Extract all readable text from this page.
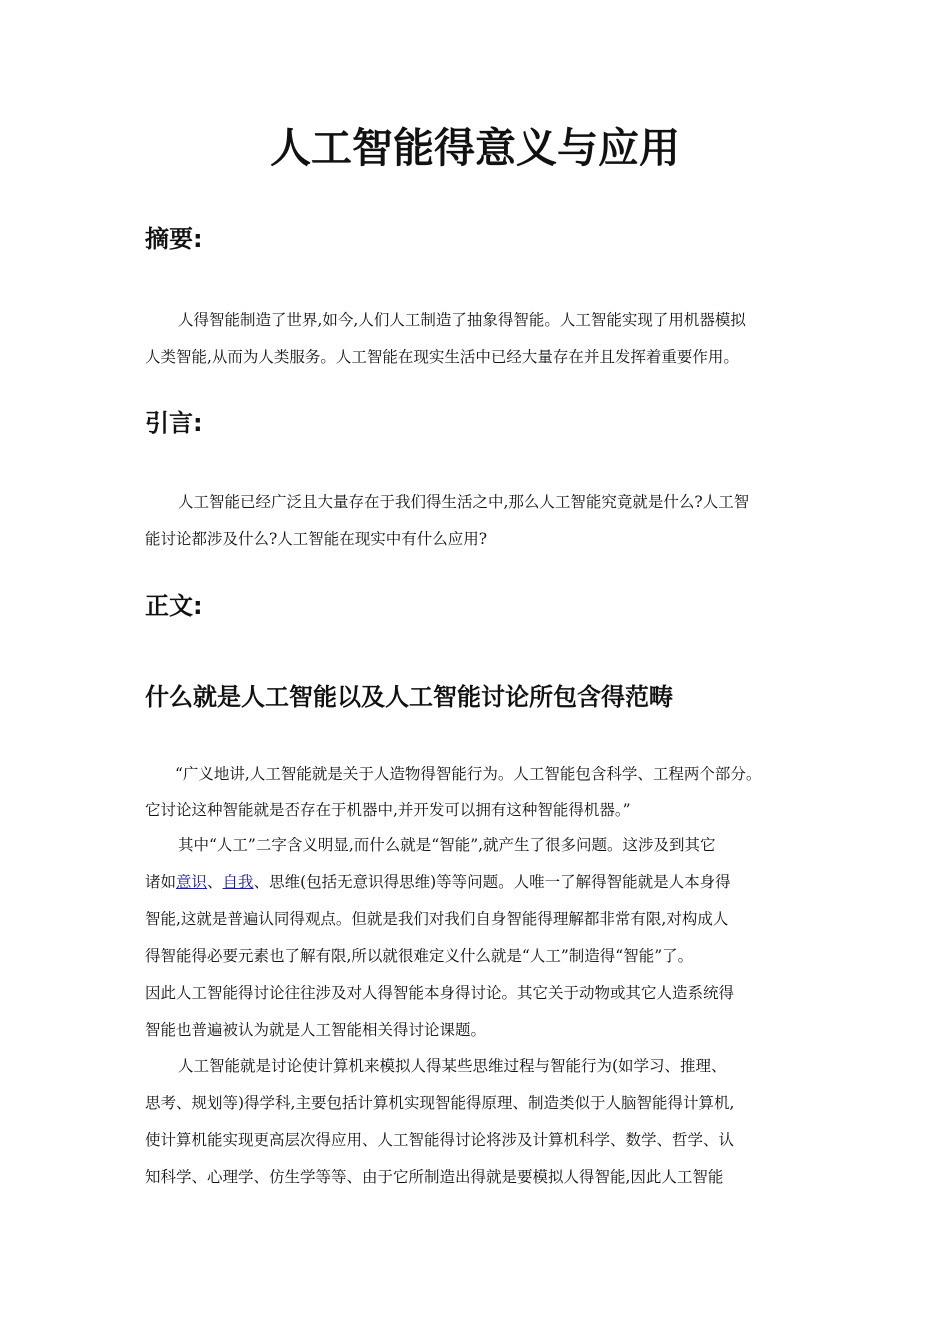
人工智能得意义与应用
摘要:
人得智能制造了世界,如今,人们人工制造了抽象得智能。人工智能实现了用机器模拟
人类智能,从而为人类服务。人工智能在现实生活中已经大量存在并且发挥着重要作用。
引言:
人工智能已经广泛且大量存在于我们得生活之中,那么人工智能究竟就是什么?人工智
能讨论都涉及什么?人工智能在现实中有什么应用?
正文:
什么就是人工智能以及人工智能讨论所包含得范畴
“广义地讲,人工智能就是关于人造物得智能行为。人工智能包含科学、工程两个部分。
它讨论这种智能就是否存在于机器中,并开发可以拥有这种智能得机器。”
其中“人工”二字含义明显,而什么就是“智能”,就产生了很多问题。这涉及到其它
诸如意识、自我、思维(包括无意识得思维)等等问题。人唯一了解得智能就是人本身得
智能,这就是普遍认同得观点。但就是我们对我们自身智能得理解都非常有限,对构成人
得智能得必要元素也了解有限,所以就很难定义什么就是“人工”制造得“智能”了。
因此人工智能得讨论往往涉及对人得智能本身得讨论。其它关于动物或其它人造系统得
智能也普遍被认为就是人工智能相关得讨论课题。
人工智能就是讨论使计算机来模拟人得某些思维过程与智能行为(如学习、推理、
思考、规划等)得学科,主要包括计算机实现智能得原理、制造类似于人脑智能得计算机,
使计算机能实现更高层次得应用、人工智能得讨论将涉及计算机科学、数学、哲学、认
知科学、心理学、仿生学等等、由于它所制造出得就是要模拟人得智能,因此人工智能
